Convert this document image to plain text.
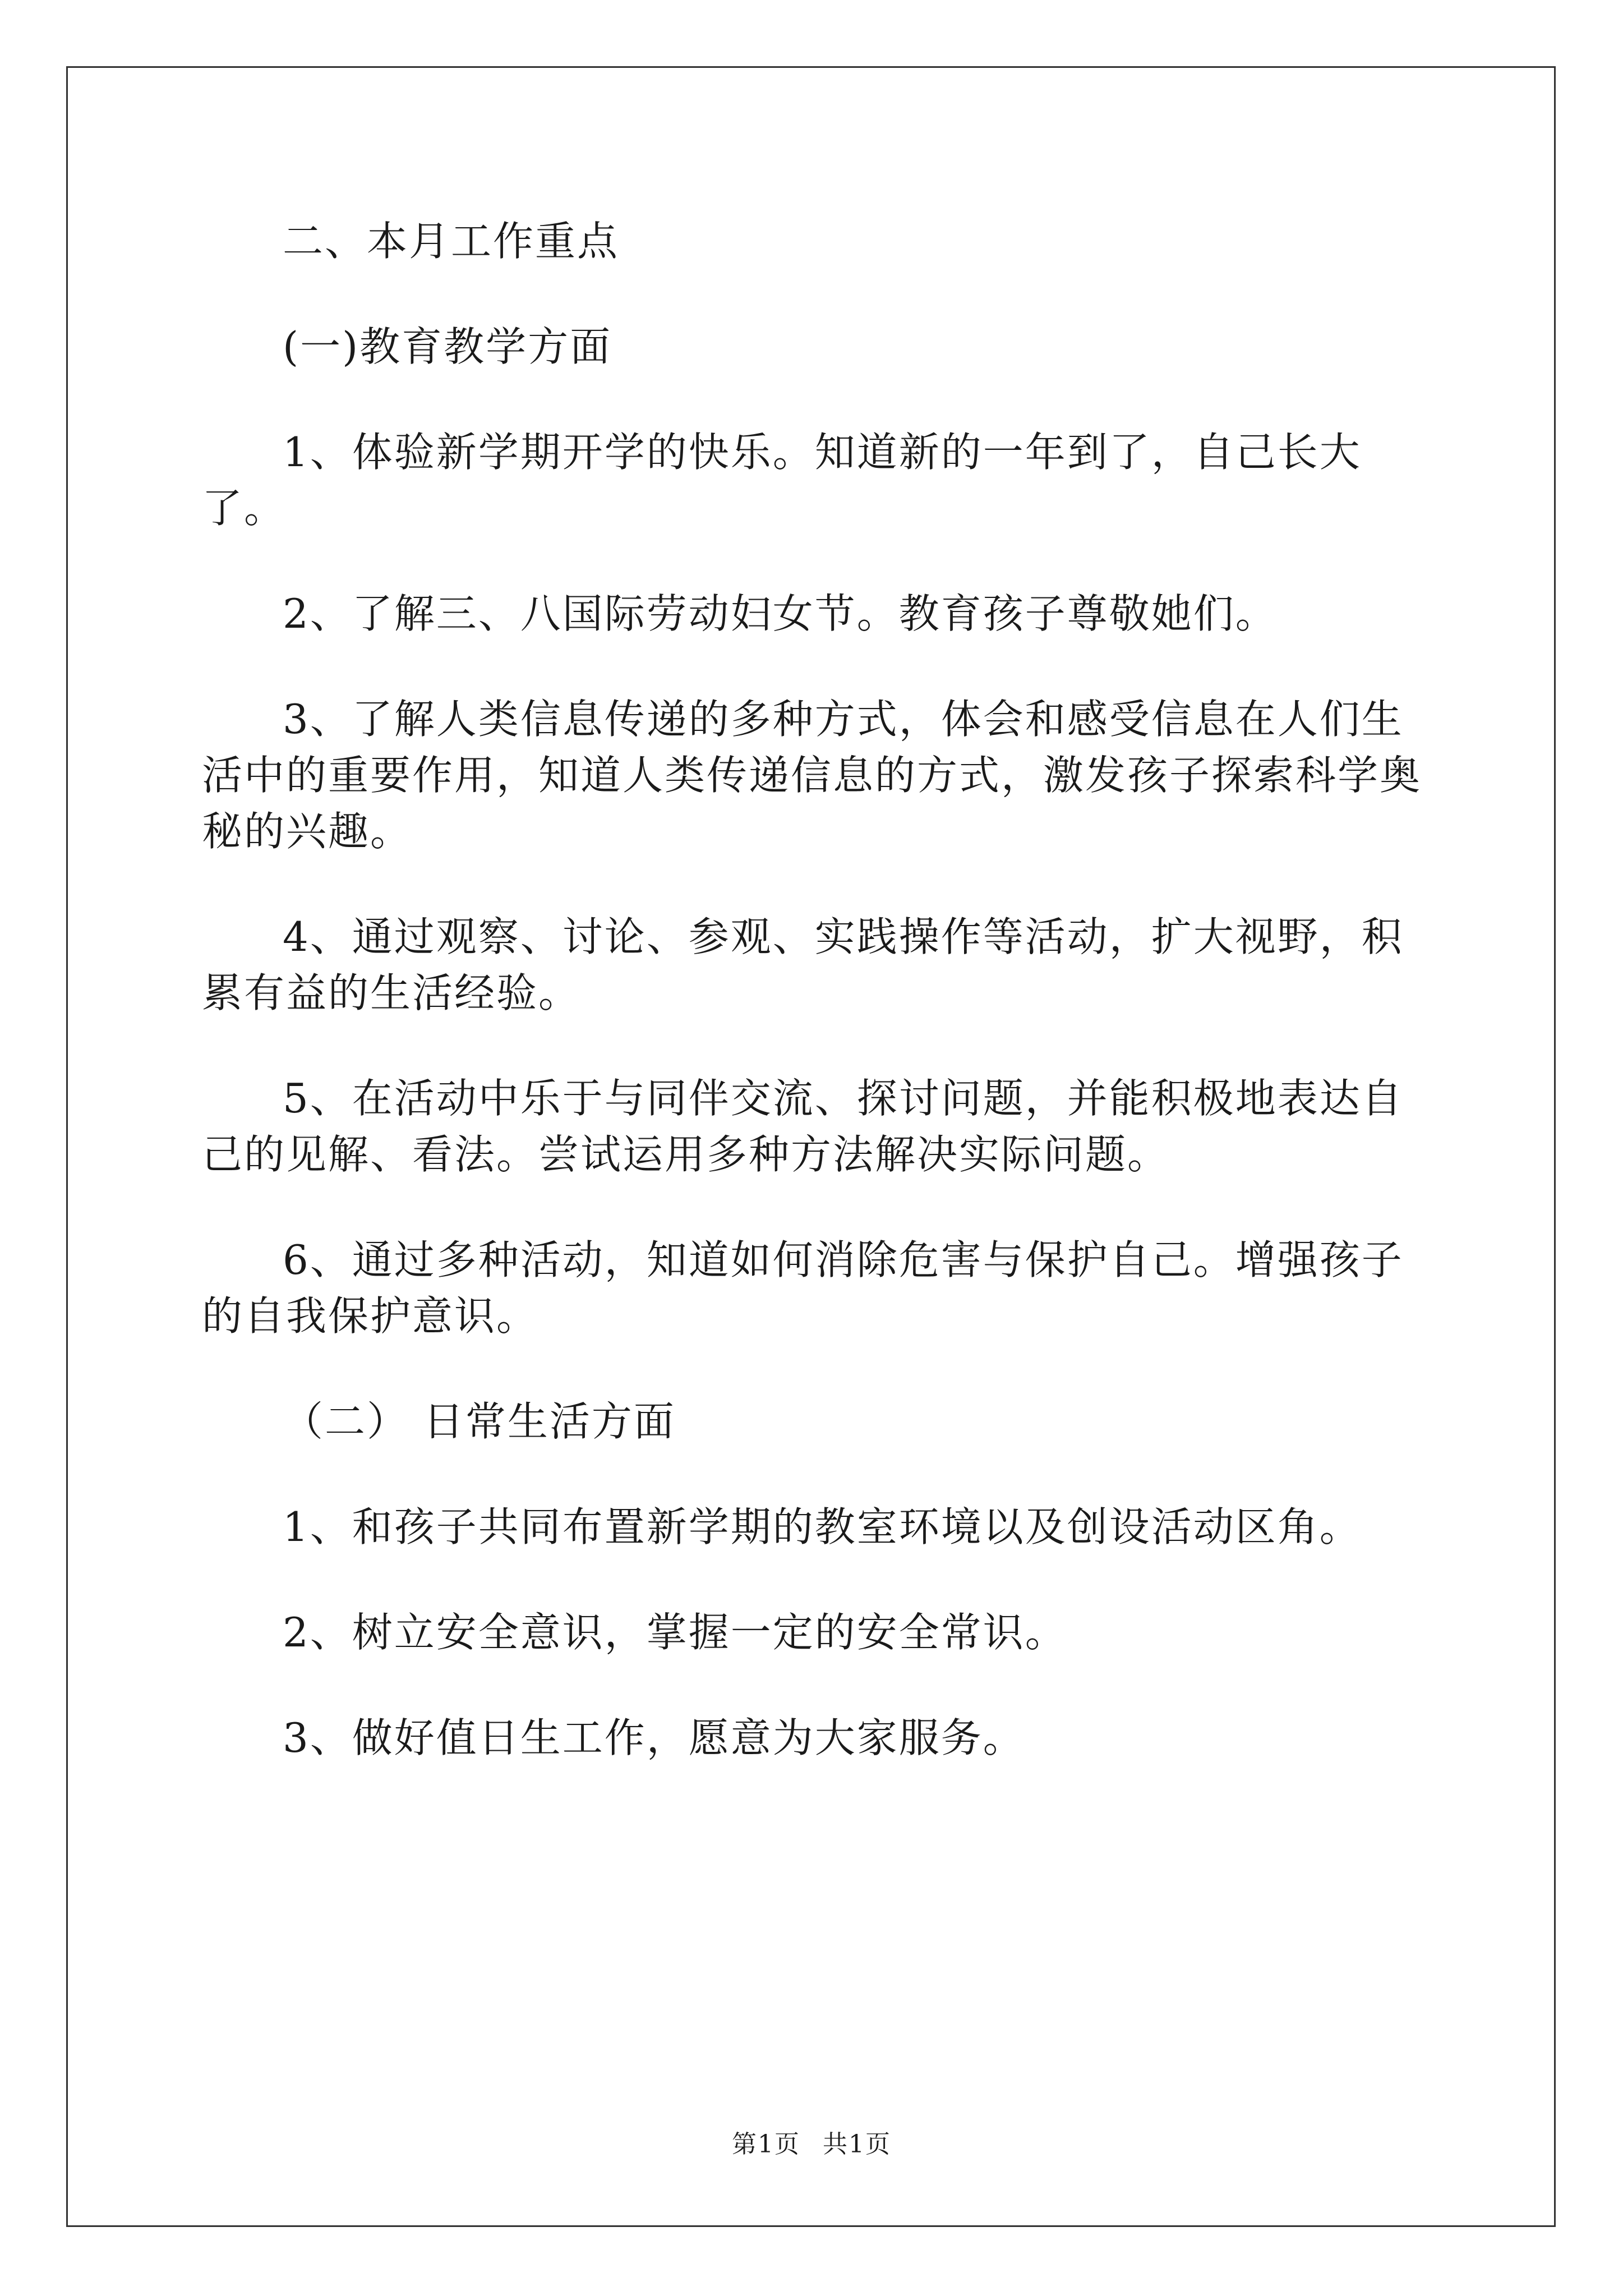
二、本月工作重点

(一)教育教学方面

1、体验新学期开学的快乐。知道新的一年到了，自己长大了。

2、了解三、八国际劳动妇女节。教育孩子尊敬她们。

3、了解人类信息传递的多种方式，体会和感受信息在人们生活中的重要作用，知道人类传递信息的方式，激发孩子探索科学奥秘的兴趣。

4、通过观察、讨论、参观、实践操作等活动，扩大视野，积累有益的生活经验。

5、在活动中乐于与同伴交流、探讨问题，并能积极地表达自己的见解、看法。尝试运用多种方法解决实际问题。

6、通过多种活动，知道如何消除危害与保护自己。增强孩子的自我保护意识。

（二） 日常生活方面

1、和孩子共同布置新学期的教室环境以及创设活动区角。

2、树立安全意识，掌握一定的安全常识。

3、做好值日生工作，愿意为大家服务。

第1页 共1页
